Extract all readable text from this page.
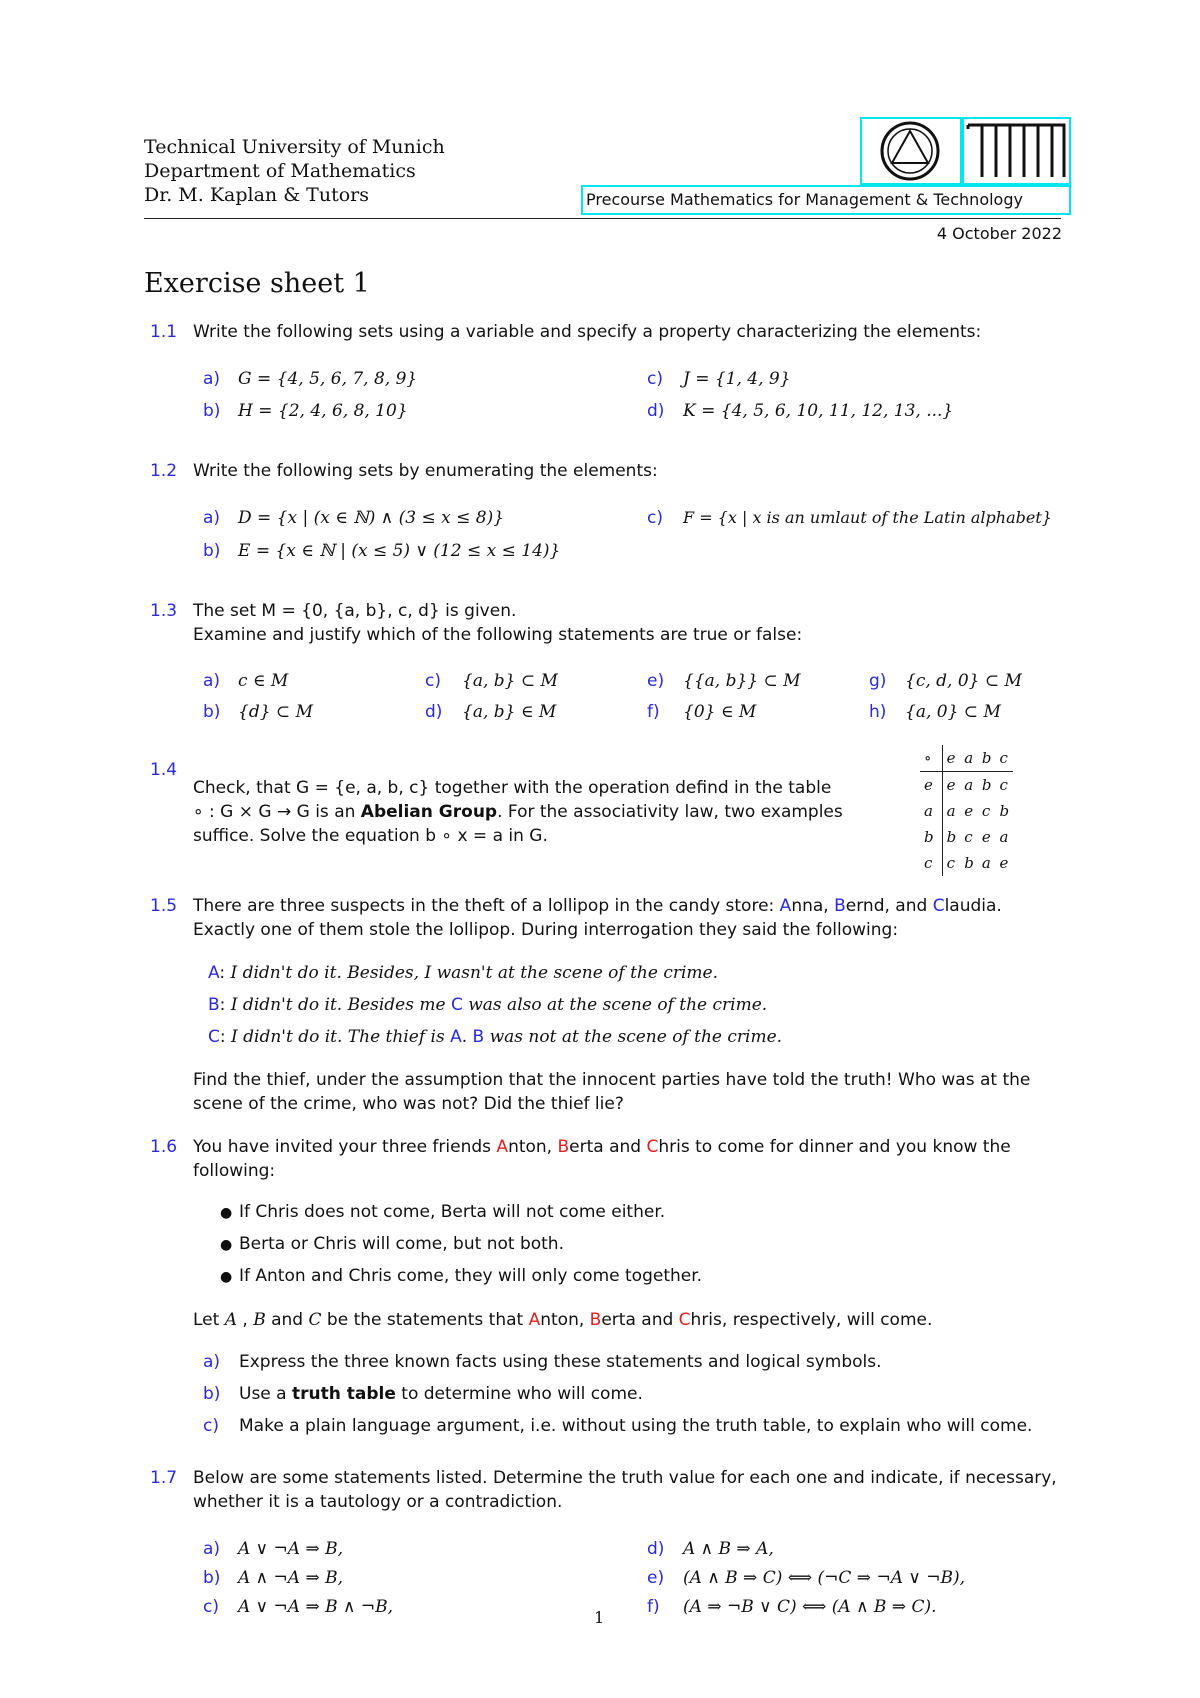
Technical University of Munich
Department of Mathematics
Dr. M. Kaplan & Tutors	Precourse Mathematics for Management & Technology
4 October 2022
Exercise sheet 1
1.1 Write the following sets using a variable and specify a property characterizing the elements:
a) G = {4, 5, 6, 7, 8, 9}
b) H = {2, 4, 6, 8, 10}
c) J = {1, 4, 9}
d) K = {4, 5, 6, 10, 11, 12, 13, ...}
1.2 Write the following sets by enumerating the elements:
a) D = {x | (x ∈ ℕ) ∧ (3 ≤ x ≤ 8)}
b) E = {x ∈ ℕ | (x ≤ 5) ∨ (12 ≤ x ≤ 14)}
c) F = {x | x is an umlaut of the Latin alphabet}
1.3 The set M = {0, {a, b}, c, d} is given.
Examine and justify which of the following statements are true or false:
a) c ∈ M
b) {d} ⊂ M
c) {a, b} ⊂ M
d) {a, b} ∈ M
e) {{a, b}} ⊂ M
f) {0} ∈ M
g) {c, d, 0} ⊂ M
h) {a, 0} ⊂ M
1.4
Check, that G = {e, a, b, c} together with the operation defind in the table
∘ : G × G → G is an Abelian Group. For the associativity law, two examples
suffice. Solve the equation b ∘ x = a in G.
∘	e	a	b	c
e	e	a	b	c
a	a	e	c	b
b	b	c	e	a
c	c	b	a	e
1.5 There are three suspects in the theft of a lollipop in the candy store: Anna, Bernd, and Claudia.
Exactly one of them stole the lollipop. During interrogation they said the following:
A: I didn't do it. Besides, I wasn't at the scene of the crime.
B: I didn't do it. Besides me C was also at the scene of the crime.
C: I didn't do it. The thief is A. B was not at the scene of the crime.
Find the thief, under the assumption that the innocent parties have told the truth! Who was at the
scene of the crime, who was not? Did the thief lie?
1.6 You have invited your three friends Anton, Berta and Chris to come for dinner and you know the
following:
● If Chris does not come, Berta will not come either.
● Berta or Chris will come, but not both.
● If Anton and Chris come, they will only come together.
Let A , B and C be the statements that Anton, Berta and Chris, respectively, will come.
a) Express the three known facts using these statements and logical symbols.
b) Use a truth table to determine who will come.
c) Make a plain language argument, i.e. without using the truth table, to explain who will come.
1.7 Below are some statements listed. Determine the truth value for each one and indicate, if necessary,
whether it is a tautology or a contradiction.
a) A ∨ ¬A ⇒ B,
b) A ∧ ¬A ⇒ B,
c) A ∨ ¬A ⇒ B ∧ ¬B,
d) A ∧ B ⇒ A,
e) (A ∧ B ⇒ C) ⟺ (¬C ⇒ ¬A ∨ ¬B),
f) (A ⇒ ¬B ∨ C) ⟺ (A ∧ B ⇒ C).
1
